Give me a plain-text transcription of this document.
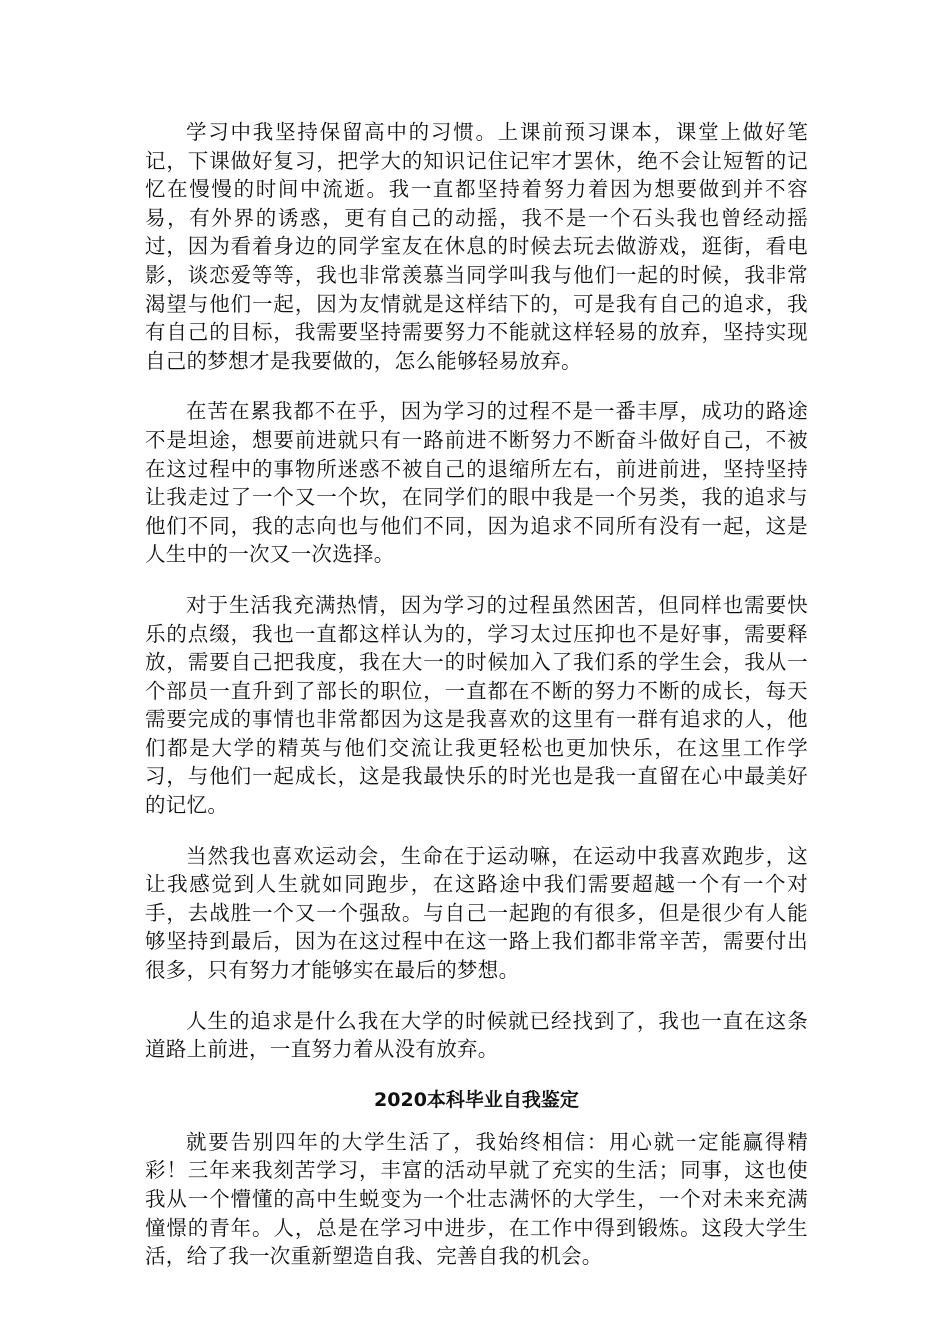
学习中我坚持保留高中的习惯。上课前预习课本，课堂上做好笔记，下课做好复习，把学大的知识记住记牢才罢休，绝不会让短暂的记忆在慢慢的时间中流逝。我一直都坚持着努力着因为想要做到并不容易，有外界的诱惑，更有自己的动摇，我不是一个石头我也曾经动摇过，因为看着身边的同学室友在休息的时候去玩去做游戏，逛街，看电影，谈恋爱等等，我也非常羡慕当同学叫我与他们一起的时候，我非常渴望与他们一起，因为友情就是这样结下的，可是我有自己的追求，我有自己的目标，我需要坚持需要努力不能就这样轻易的放弃，坚持实现自己的梦想才是我要做的，怎么能够轻易放弃。

在苦在累我都不在乎，因为学习的过程不是一番丰厚，成功的路途不是坦途，想要前进就只有一路前进不断努力不断奋斗做好自己，不被在这过程中的事物所迷惑不被自己的退缩所左右，前进前进，坚持坚持让我走过了一个又一个坎，在同学们的眼中我是一个另类，我的追求与他们不同，我的志向也与他们不同，因为追求不同所有没有一起，这是人生中的一次又一次选择。

对于生活我充满热情，因为学习的过程虽然困苦，但同样也需要快乐的点缀，我也一直都这样认为的，学习太过压抑也不是好事，需要释放，需要自己把我度，我在大一的时候加入了我们系的学生会，我从一个部员一直升到了部长的职位，一直都在不断的努力不断的成长，每天需要完成的事情也非常都因为这是我喜欢的这里有一群有追求的人，他们都是大学的精英与他们交流让我更轻松也更加快乐，在这里工作学习，与他们一起成长，这是我最快乐的时光也是我一直留在心中最美好的记忆。

当然我也喜欢运动会，生命在于运动嘛，在运动中我喜欢跑步，这让我感觉到人生就如同跑步，在这路途中我们需要超越一个有一个对手，去战胜一个又一个强敌。与自己一起跑的有很多，但是很少有人能够坚持到最后，因为在这过程中在这一路上我们都非常辛苦，需要付出很多，只有努力才能够实在最后的梦想。

人生的追求是什么我在大学的时候就已经找到了，我也一直在这条道路上前进，一直努力着从没有放弃。

2020本科毕业自我鉴定

就要告别四年的大学生活了，我始终相信：用心就一定能赢得精彩！三年来我刻苦学习，丰富的活动早就了充实的生活；同事，这也使我从一个懵懂的高中生蜕变为一个壮志满怀的大学生，一个对未来充满憧憬的青年。人，总是在学习中进步，在工作中得到锻炼。这段大学生活，给了我一次重新塑造自我、完善自我的机会。
